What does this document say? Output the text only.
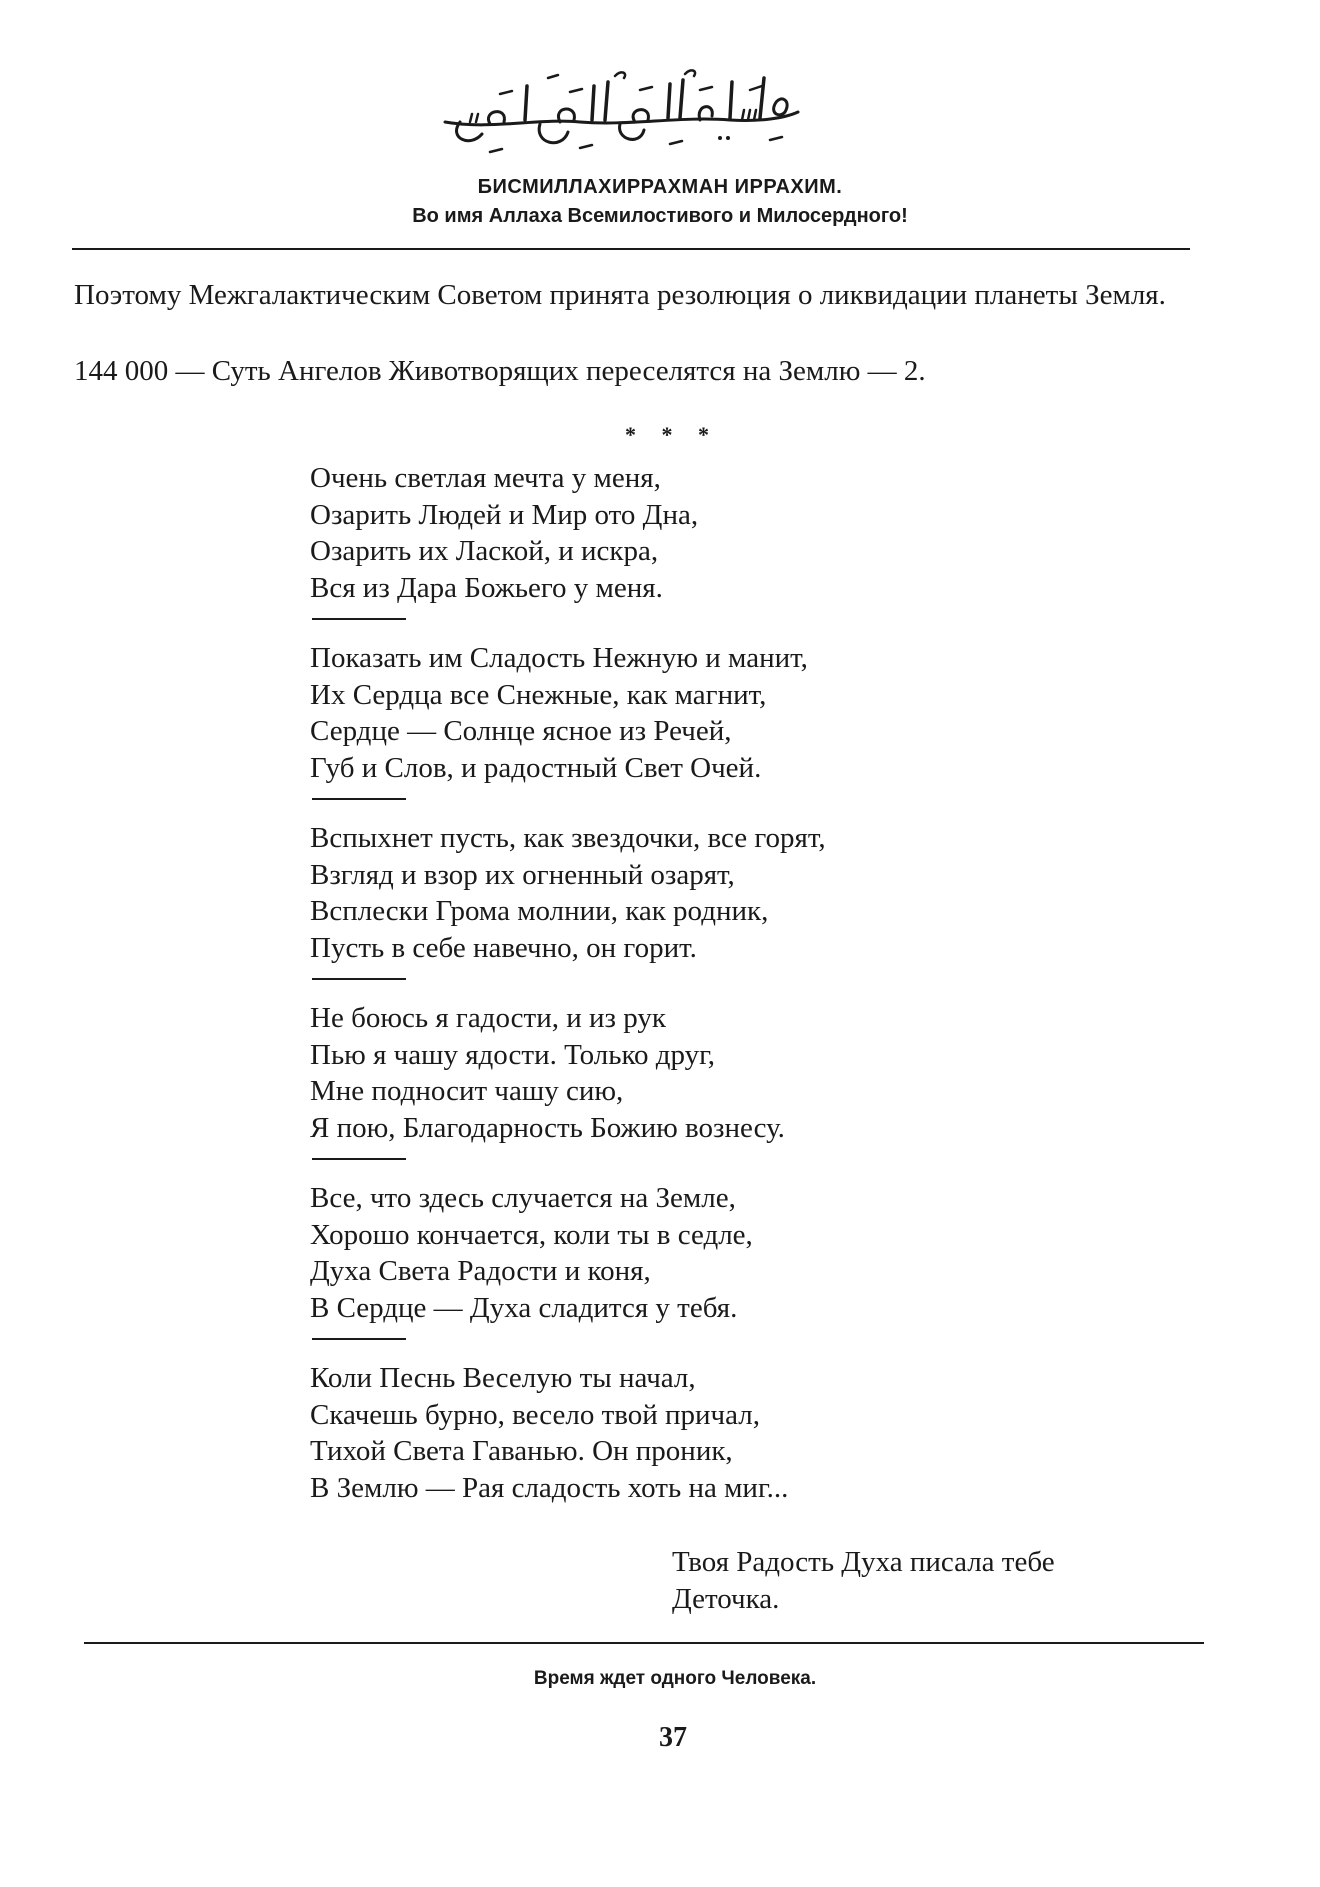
БИСМИЛЛАХИРРАХМАН ИРРАХИМ.
Во имя Аллаха Всемилостивого и Милосердного!
Поэтому Межгалактическим Советом принята резолюция о ликвидации планеты Земля.
144 000 — Суть Ангелов Животворящих переселятся на Землю — 2.
* * *
Очень светлая мечта у меня,
Озарить Людей и Мир ото Дна,
Озарить их Лаской, и искра,
Вся из Дара Божьего у меня.
Показать им Сладость Нежную и манит,
Их Сердца все Снежные, как магнит,
Сердце — Солнце ясное из Речей,
Губ и Слов, и радостный Свет Очей.
Вспыхнет пусть, как звездочки, все горят,
Взгляд и взор их огненный озарят,
Всплески Грома молнии, как родник,
Пусть в себе навечно, он горит.
Не боюсь я гадости, и из рук
Пью я чашу ядости. Только друг,
Мне подносит чашу сию,
Я пою, Благодарность Божию вознесу.
Все, что здесь случается на Земле,
Хорошо кончается, коли ты в седле,
Духа Света Радости и коня,
В Сердце — Духа сладится у тебя.
Коли Песнь Веселую ты начал,
Скачешь бурно, весело твой причал,
Тихой Света Гаванью. Он проник,
В Землю — Рая сладость хоть на миг...
Твоя Радость Духа писала тебе
Деточка.
Время ждет одного Человека.
37
